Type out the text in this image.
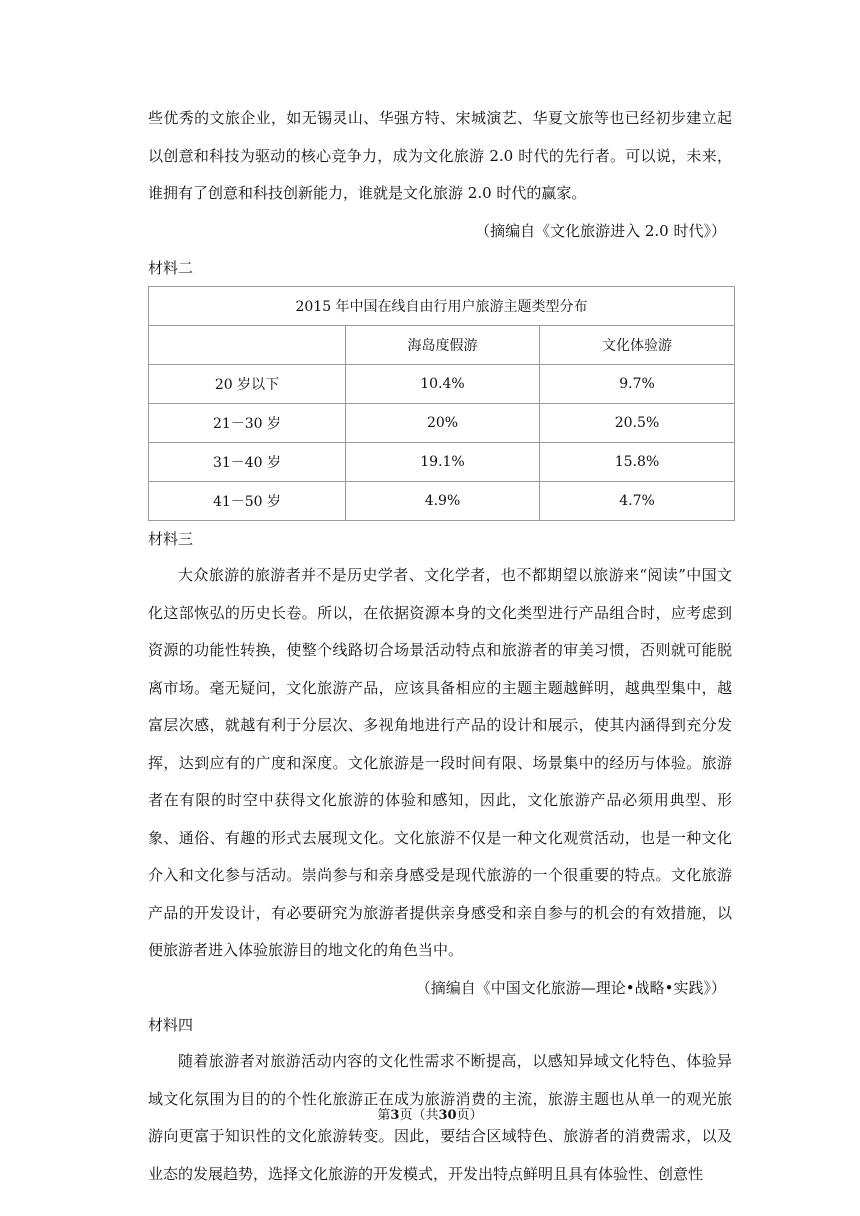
些优秀的文旅企业，如无锡灵山、华强方特、宋城演艺、华夏文旅等也已经初步建立起以创意和科技为驱动的核心竞争力，成为文化旅游 2.0 时代的先行者。可以说，未来，谁拥有了创意和科技创新能力，谁就是文化旅游 2.0 时代的赢家。

（摘编自《文化旅游进入 2.0 时代》）
材料二
2015 年中国在线自由行用户旅游主题类型分布		
	海岛度假游	文化体验游
20 岁以下	10.4%	9.7%
21－30 岁	20%	20.5%
31－40 岁	19.1%	15.8%
41－50 岁	4.9%	4.7%
材料三

大众旅游的旅游者并不是历史学者、文化学者，也不都期望以旅游来“阅读”中国文化这部恢弘的历史长卷。所以，在依据资源本身的文化类型进行产品组合时，应考虑到资源的功能性转换，使整个线路切合场景活动特点和旅游者的审美习惯，否则就可能脱离市场。毫无疑问，文化旅游产品，应该具备相应的主题主题越鲜明，越典型集中，越富层次感，就越有利于分层次、多视角地进行产品的设计和展示，使其内涵得到充分发挥，达到应有的广度和深度。文化旅游是一段时间有限、场景集中的经历与体验。旅游者在有限的时空中获得文化旅游的体验和感知，因此，文化旅游产品必须用典型、形象、通俗、有趣的形式去展现文化。文化旅游不仅是一种文化观赏活动，也是一种文化介入和文化参与活动。崇尚参与和亲身感受是现代旅游的一个很重要的特点。文化旅游产品的开发设计，有必要研究为旅游者提供亲身感受和亲自参与的机会的有效措施，以便旅游者进入体验旅游目的地文化的角色当中。

（摘编自《中国文化旅游—理论•战略•实践》）
材料四

随着旅游者对旅游活动内容的文化性需求不断提高，以感知异域文化特色、体验异域文化氛围为目的的个性化旅游正在成为旅游消费的主流，旅游主题也从单一的观光旅游向更富于知识性的文化旅游转变。因此，要结合区域特色、旅游者的消费需求，以及业态的发展趋势，选择文化旅游的开发模式，开发出特点鲜明且具有体验性、创意性

第3页（共30页）
